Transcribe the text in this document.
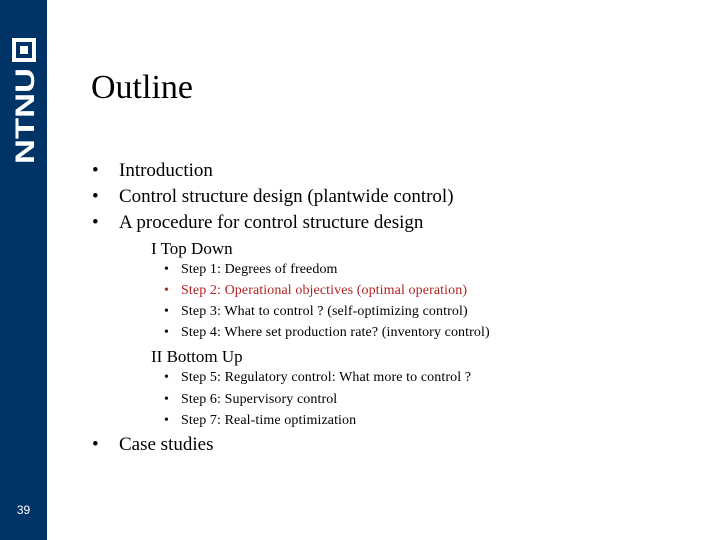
NTNU
39
Outline
• Introduction
• Control structure design (plantwide control)
• A procedure for control structure design
I Top Down
• Step 1: Degrees of freedom
• Step 2: Operational objectives (optimal operation)
• Step 3: What to control ? (self-optimizing control)
• Step 4: Where set production rate? (inventory control)
II Bottom Up
• Step 5: Regulatory control: What more to control ?
• Step 6: Supervisory control
• Step 7: Real-time optimization
• Case studies
